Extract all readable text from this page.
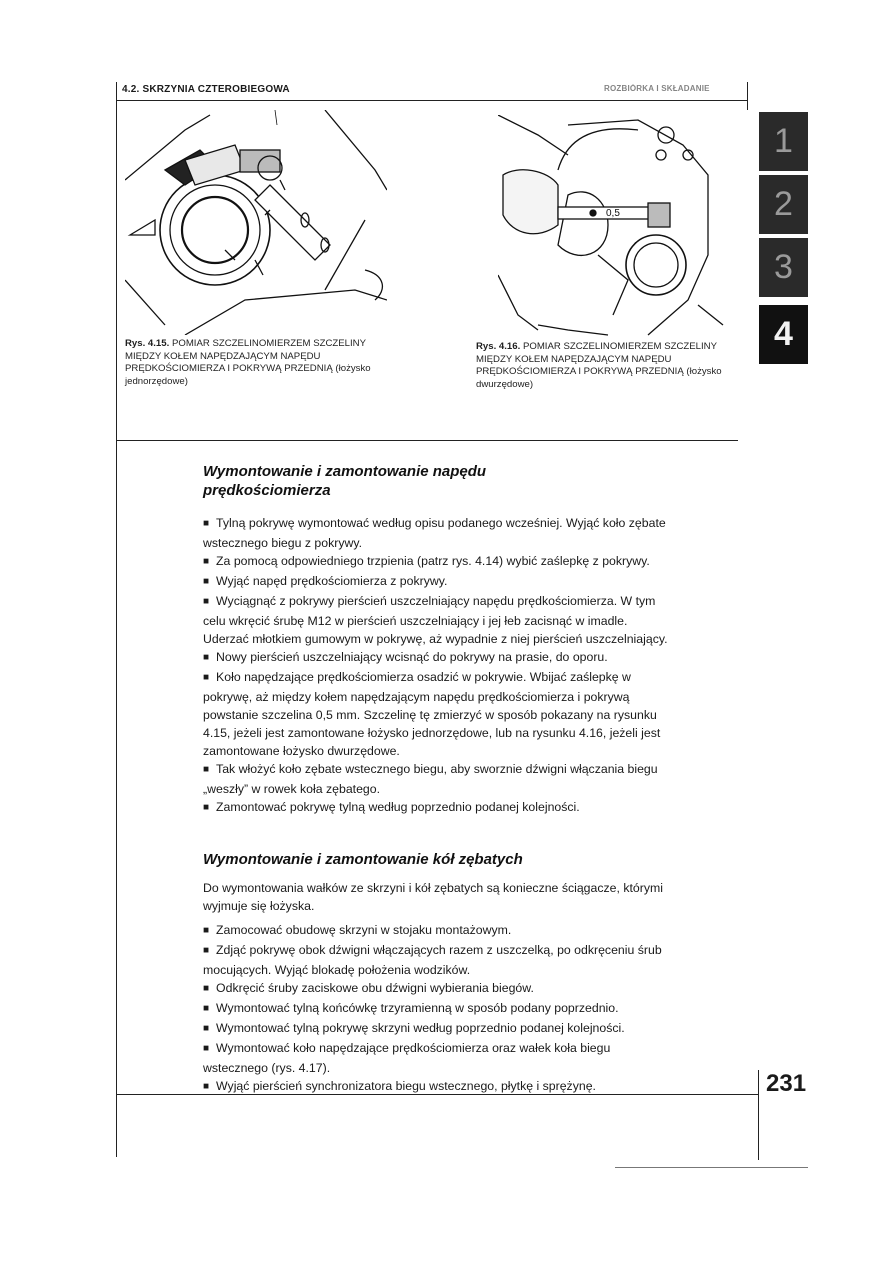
4.2. SKRZYNIA CZTEROBIEGOWA	ROZBIÓRKA I SKŁADANIE
0,5
Rys. 4.15. POMIAR SZCZELINOMIERZEM SZCZELINY MIĘDZY KOŁEM NAPĘDZAJĄCYM NAPĘDU PRĘDKOŚCIOMIERZA I POKRYWĄ PRZEDNIĄ (łożysko jednorzędowe)
Rys. 4.16. POMIAR SZCZELINOMIERZEM SZCZELINY MIĘDZY KOŁEM NAPĘDZAJĄCYM NAPĘDU PRĘDKOŚCIOMIERZA I POKRYWĄ PRZEDNIĄ (łożysko dwurzędowe)
Wymontowanie i zamontowanie napędu prędkościomierza

■ Tylną pokrywę wymontować według opisu podanego wcześniej. Wyjąć koło zębate wstecznego biegu z pokrywy.

■ Za pomocą odpowiedniego trzpienia (patrz rys. 4.14) wybić zaślepkę z pokrywy.

■ Wyjąć napęd prędkościomierza z pokrywy.

■ Wyciągnąć z pokrywy pierścień uszczelniający napędu prędkościomierza. W tym celu wkręcić śrubę M12 w pierścień uszczelniający i jej łeb zacisnąć w imadle. Uderzać młotkiem gumowym w pokrywę, aż wypadnie z niej pierścień uszczelniający.

■ Nowy pierścień uszczelniający wcisnąć do pokrywy na prasie, do oporu.

■ Koło napędzające prędkościomierza osadzić w pokrywie. Wbijać zaślepkę w pokrywę, aż między kołem napędzającym napędu prędkościomierza i pokrywą powstanie szczelina 0,5 mm. Szczelinę tę zmierzyć w sposób pokazany na rysunku 4.15, jeżeli jest zamontowane łożysko jednorzędowe, lub na rysunku 4.16, jeżeli jest zamontowane łożysko dwurzędowe.

■ Tak włożyć koło zębate wstecznego biegu, aby sworznie dźwigni włączania biegu „weszły” w rowek koła zębatego.

■ Zamontować pokrywę tylną według poprzednio podanej kolejności.

Wymontowanie i zamontowanie kół zębatych

Do wymontowania wałków ze skrzyni i kół zębatych są konieczne ściągacze, którymi wyjmuje się łożyska.

■ Zamocować obudowę skrzyni w stojaku montażowym.

■ Zdjąć pokrywę obok dźwigni włączających razem z uszczelką, po odkręceniu śrub mocujących. Wyjąć blokadę położenia wodzików.

■ Odkręcić śruby zaciskowe obu dźwigni wybierania biegów.

■ Wymontować tylną końcówkę trzyramienną w sposób podany poprzednio.

■ Wymontować tylną pokrywę skrzyni według poprzednio podanej kolejności.

■ Wymontować koło napędzające prędkościomierza oraz wałek koła biegu wstecznego (rys. 4.17).

■ Wyjąć pierścień synchronizatora biegu wstecznego, płytkę i sprężynę.

1
2
3
4
231
